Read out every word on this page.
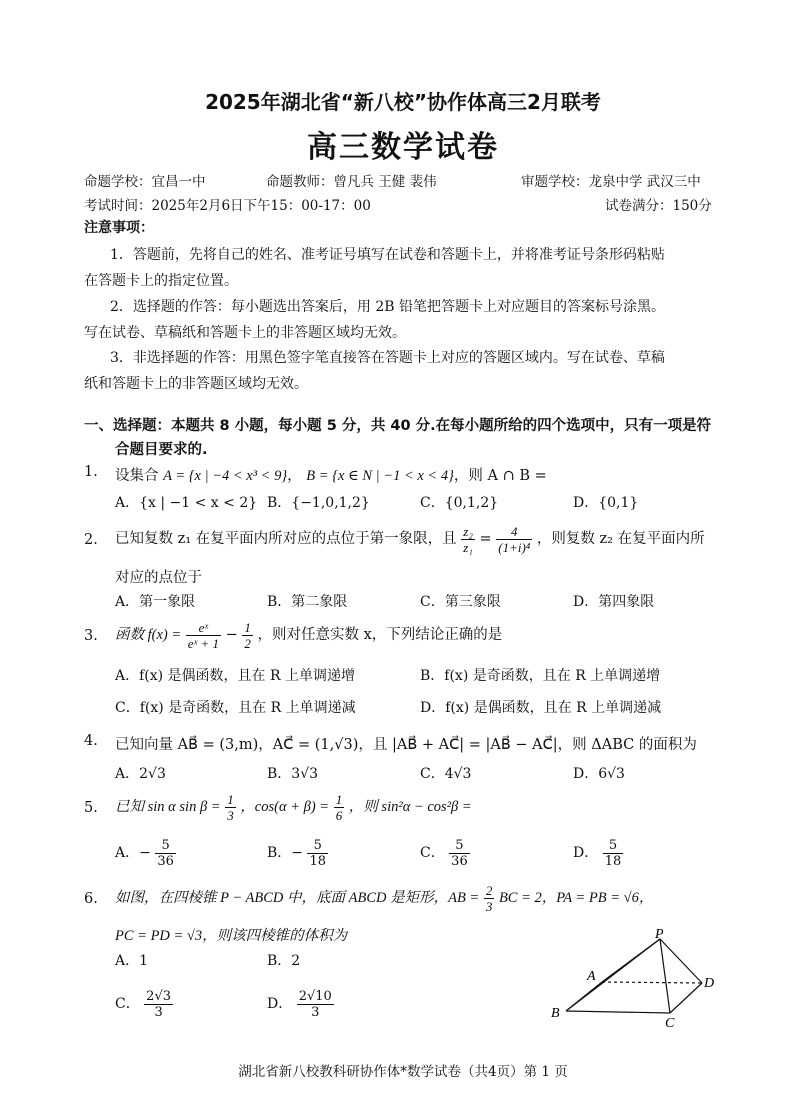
2025年湖北省“新八校”协作体高三2月联考
高三数学试卷
命题学校：宜昌一中	命题教师：曾凡兵 王健 裴伟	审题学校：龙泉中学 武汉三中
考试时间：2025年2月6日下午15：00-17：00	试卷满分：150分
注意事项：
1．答题前，先将自己的姓名、准考证号填写在试卷和答题卡上，并将准考证号条形码粘贴
在答题卡上的指定位置。
2．选择题的作答：每小题选出答案后，用 2B 铅笔把答题卡上对应题目的答案标号涂黑。
写在试卷、草稿纸和答题卡上的非答题区域均无效。
3．非选择题的作答：用黑色签字笔直接答在答题卡上对应的答题区域内。写在试卷、草稿
纸和答题卡上的非答题区域均无效。
一、选择题：本题共 8 小题，每小题 5 分，共 40 分.在每小题所给的四个选项中，只有一项是符
合题目要求的.
1. 设集合 A = {x | −4 < x³ < 9}， B = {x ∈ N | −1 < x < 4}，则 A ∩ B =
A．{x | −1 < x < 2} B．{−1,0,1,2}	C．{0,1,2}	D．{0,1}
2. 已知复数 z₁ 在复平面内所对应的点位于第一象限，且 $\frac{\text{z₂}}{\text{z₁}} = \frac{4}{\text{(1+i)⁴}}$ ，则复数 z₂ 在复平面内所
对应的点位于
A．第一象限	B．第二象限	C．第三象限	D．第四象限
3. 函数 $f(x) = \frac{\text{eˣ}}{\text{eˣ + 1}} - \frac{1}{2}$ ，则对任意实数 x，下列结论正确的是
A．f(x) 是偶函数，且在 R 上单调递增	B．f(x) 是奇函数，且在 R 上单调递增
C．f(x) 是奇函数，且在 R 上单调递减	D．f(x) 是偶函数，且在 R 上单调递减
4. 已知向量 AB⃗ = (3,m)，AC⃗ = (1,√3)，且 |AB⃗ + AC⃗| = |AB⃗ − AC⃗|，则 ΔABC 的面积为
A．2√3	B．3√3	C．4√3	D．6√3
5. 已知 sin α $\sin \beta = \frac{1}{3}$ ，$\cos(\alpha + \beta) = \frac{1}{6}$ ，则 sin²α − cos²β =
A．− $\frac{5}{36}$	B．− $\frac{5}{18}$	C． $\frac{5}{36}$	D． $\frac{5}{18}$
6. 如图，在四棱锥 P − ABCD 中，底面 ABCD 是矩形，AB = $\frac{2}{3}$ BC = 2，PA = PB = √6，
PC = PD = √3，则该四棱锥的体积为
A．1	B．2
C． $\frac{2√3}{3}$	D． $\frac{2√10}{3}$
P
A
B
C
D
湖北省新八校教科研协作体*数学试卷（共4页）第 1 页
